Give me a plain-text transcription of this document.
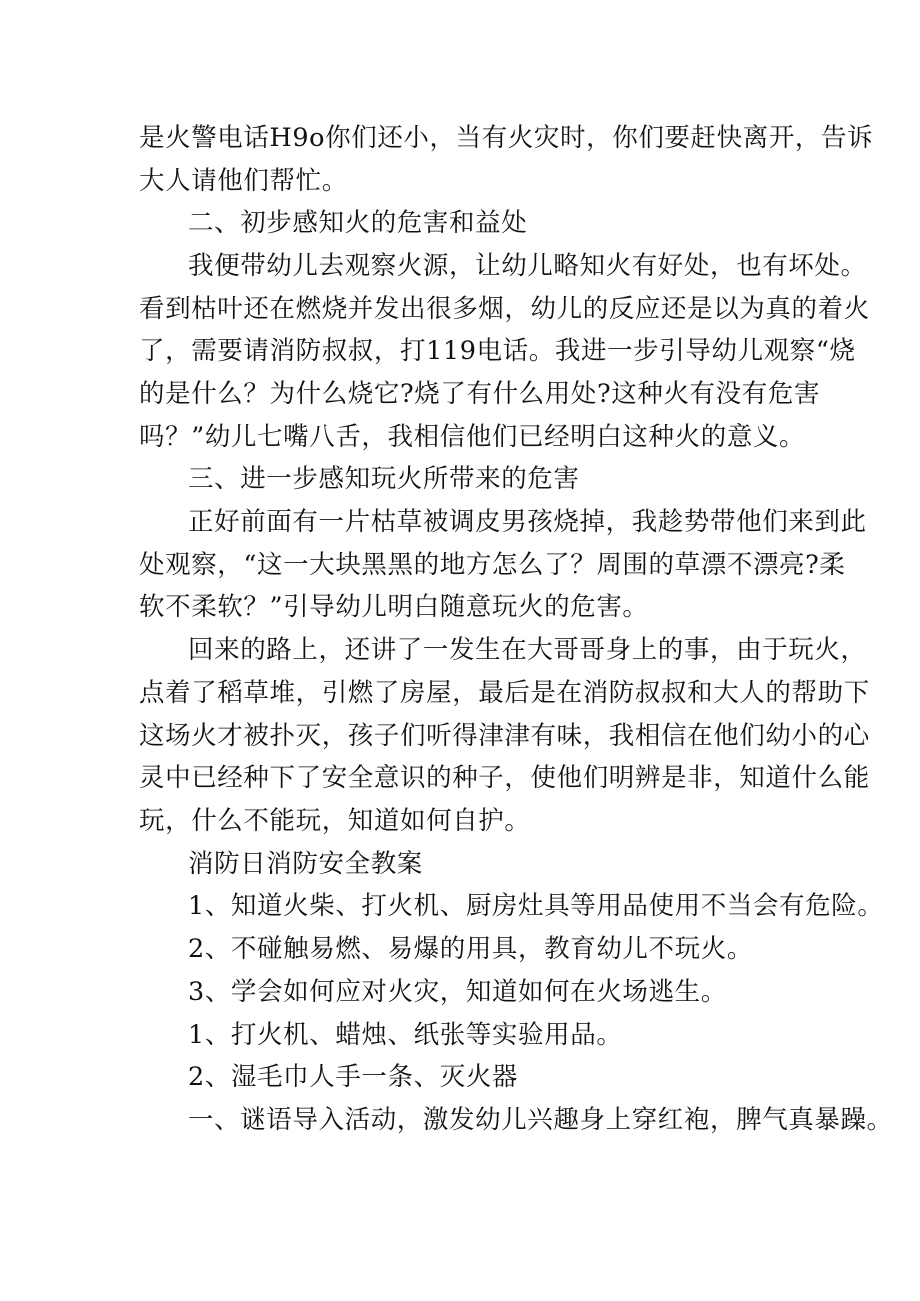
是火警电话H9o你们还小，当有火灾时，你们要赶快离开，告诉

大人请他们帮忙。

二、初步感知火的危害和益处

我便带幼儿去观察火源，让幼儿略知火有好处，也有坏处。

看到枯叶还在燃烧并发出很多烟，幼儿的反应还是以为真的着火

了，需要请消防叔叔，打119电话。我进一步引导幼儿观察“烧

的是什么？为什么烧它?烧了有什么用处?这种火有没有危害

吗？”幼儿七嘴八舌，我相信他们已经明白这种火的意义。

三、进一步感知玩火所带来的危害

正好前面有一片枯草被调皮男孩烧掉，我趁势带他们来到此

处观察，“这一大块黑黑的地方怎么了？周围的草漂不漂亮?柔

软不柔软？”引导幼儿明白随意玩火的危害。

回来的路上，还讲了一发生在大哥哥身上的事，由于玩火，

点着了稻草堆，引燃了房屋，最后是在消防叔叔和大人的帮助下

这场火才被扑灭，孩子们听得津津有味，我相信在他们幼小的心

灵中已经种下了安全意识的种子，使他们明辨是非，知道什么能

玩，什么不能玩，知道如何自护。

消防日消防安全教案

1、知道火柴、打火机、厨房灶具等用品使用不当会有危险。

2、不碰触易燃、易爆的用具，教育幼儿不玩火。

3、学会如何应对火灾，知道如何在火场逃生。

1、打火机、蜡烛、纸张等实验用品。

2、湿毛巾人手一条、灭火器

一、谜语导入活动，激发幼儿兴趣身上穿红袍，脾气真暴躁。
